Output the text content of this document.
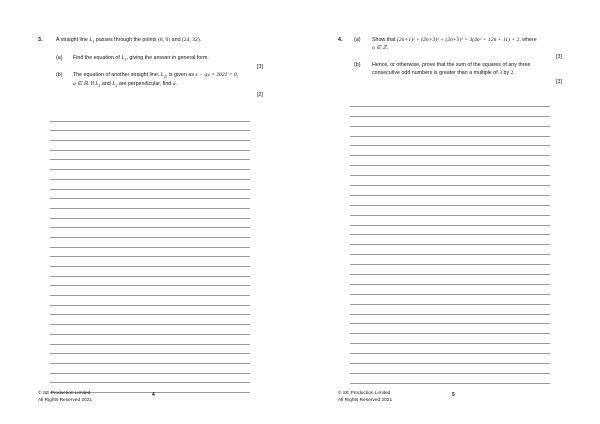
3.	A straight line $L_1$ passes through the points (8, 0) and (24, 32).
(a) Find the equation of $L_1$, giving the answer in general form.
[3]
(b) The equation of another straight line, $L_2$, is given as x − ay + 2021 = 0,
a ∈ ℝ. If $L_1$ and $L_2$ are perpendicular, find a.
[2]
© SE Production Limited
All Rights Reserved 2021
4
4. (a) Show that (2n+1)² + (2n+3)² + (2n+5)² = 3(4n² + 12n + 11) + 2, where
n ∈ ℤ.
[3]
(b) Hence, or otherwise, prove that the sum of the squares of any three
consecutive odd numbers is greater than a multiple of 3 by 2.
[3]
© SE Production Limited
All Rights Reserved 2021
5
